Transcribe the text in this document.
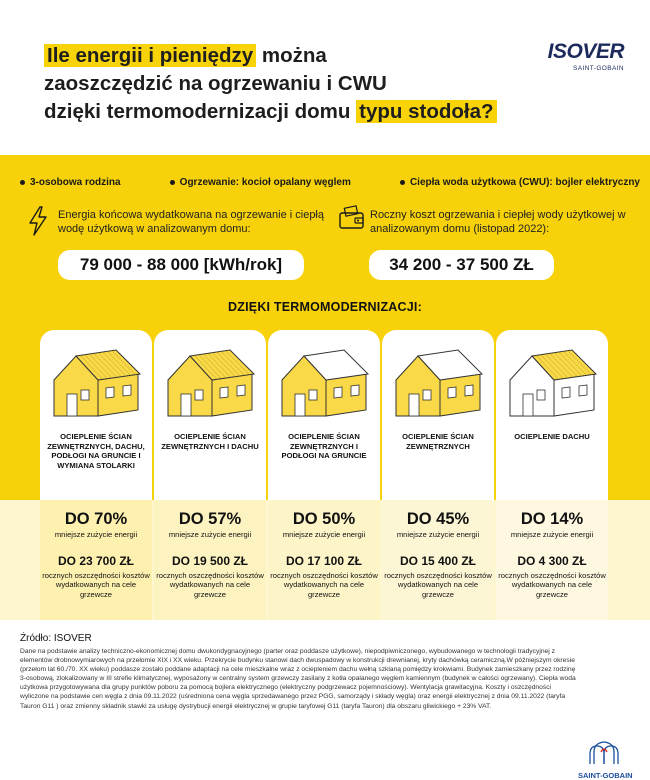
Ile energii i pieniędzy można
zaoszczędzić na ogrzewaniu i CWU
dzięki termomodernizacji domu typu stodoła?
ISOVER
SAINT-GOBAIN
3-osobowa rodzina	Ogrzewanie: kocioł opalany węglem	Ciepła woda użytkowa (CWU): bojler elektryczny
Energia końcowa wydatkowana na ogrzewanie i ciepłą wodę użytkową w analizowanym domu:
Roczny koszt ogrzewania i ciepłej wody użytkowej w analizowanym domu (listopad 2022):
79 000 - 88 000 [kWh/rok]	34 200 - 37 500 ZŁ
DZIĘKI TERMOMODERNIZACJI:
OCIEPLENIE ŚCIAN ZEWNĘTRZNYCH, DACHU, PODŁOGI NA GRUNCIE I WYMIANA STOLARKI
DO 70%
mniejsze zużycie energii
DO 23 700 ZŁ
rocznych oszczędności kosztów wydatkowanych na cele grzewcze
OCIEPLENIE ŚCIAN ZEWNĘTRZNYCH I DACHU
DO 57%
mniejsze zużycie energii
DO 19 500 ZŁ
rocznych oszczędności kosztów wydatkowanych na cele grzewcze
OCIEPLENIE ŚCIAN ZEWNĘTRZNYCH I PODŁOGI NA GRUNCIE
DO 50%
mniejsze zużycie energii
DO 17 100 ZŁ
rocznych oszczędności kosztów wydatkowanych na cele grzewcze
OCIEPLENIE ŚCIAN ZEWNĘTRZNYCH
DO 45%
mniejsze zużycie energii
DO 15 400 ZŁ
rocznych oszczędności kosztów wydatkowanych na cele grzewcze
OCIEPLENIE DACHU
DO 14%
mniejsze zużycie energii
DO 4 300 ZŁ
rocznych oszczędności kosztów wydatkowanych na cele grzewcze
Źródło: ISOVER
Dane na podstawie analizy techniczno-ekonomicznej domu dwukondygnacyjnego (parter oraz poddasze użytkowe), niepodpiwniczonego, wybudowanego w technologii tradycyjnej z elementów drobnowymiarowych na przełomie XIX i XX wieku. Przekrycie budynku stanowi dach dwuspadowy w konstrukcji drewnianej, kryty dachówką ceramiczną.W późniejszym okresie (przełom lat 60./70. XX wieku) poddasze zostało poddane adaptacji na cele mieszkalne wraz z ociepleniem dachu wełną szklaną pomiędzy krokwiami. Budynek zamieszkany przez rodzinę 3-osobową, zlokalizowany w III strefie klimatycznej, wyposażony w centralny system grzewczy zasilany z kotła opalanego węglem kamiennym (budynek w całości ogrzewany). Ciepła woda użytkowa przygotowywana dla grupy punktów poboru za pomocą bojlera elektrycznego (elektryczny podgrzewacz pojemnościowy). Wentylacja grawitacyjna. Koszty i oszczędności wyliczone na podstawie cen węgla z dnia 09.11.2022 (uśredniona cena węgla sprzedawanego przez PGG, samorządy i składy węgla) oraz energii elektrycznej z dnia 09.11.2022 (taryfa Tauron G11 ) oraz zmienny składnik stawki za usługę dystrybucji energii elektrycznej w grupie taryfowej G11 (taryfa Tauron) dla obszaru gliwickiego + 23% VAT.
SAINT-GOBAIN
